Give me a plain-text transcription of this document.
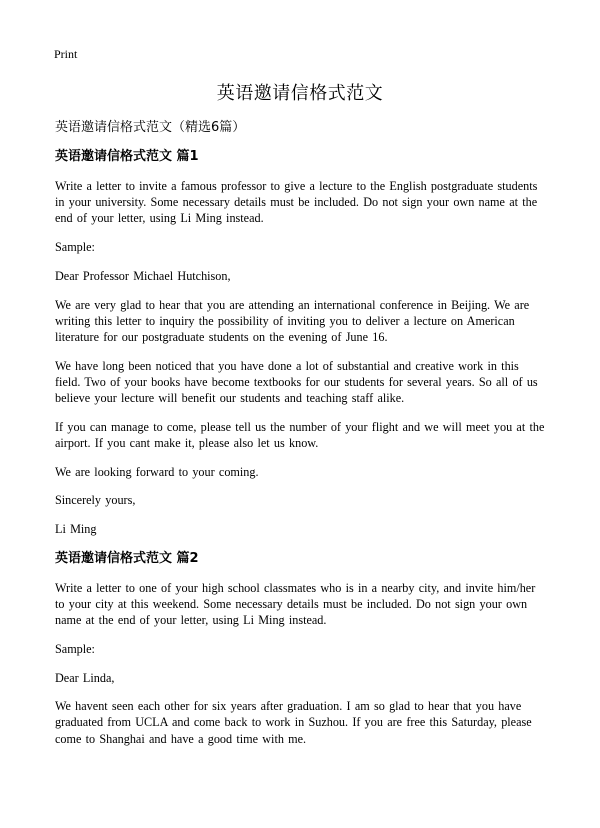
Print
英语邀请信格式范文

英语邀请信格式范文（精选6篇）

英语邀请信格式范文 篇1

Write a letter to invite a famous professor to give a lecture to the English postgraduate students in your university. Some necessary details must be included. Do not sign your own name at the end of your letter, using Li Ming instead.

Sample:

Dear Professor Michael Hutchison,

We are very glad to hear that you are attending an international conference in Beijing. We are writing this letter to inquiry the possibility of inviting you to deliver a lecture on American literature for our postgraduate students on the evening of June 16.

We have long been noticed that you have done a lot of substantial and creative work in this field. Two of your books have become textbooks for our students for several years. So all of us believe your lecture will benefit our students and teaching staff alike.

If you can manage to come, please tell us the number of your flight and we will meet you at the airport. If you cant make it, please also let us know.

We are looking forward to your coming.

Sincerely yours,

Li Ming

英语邀请信格式范文 篇2

Write a letter to one of your high school classmates who is in a nearby city, and invite him/her to your city at this weekend. Some necessary details must be included. Do not sign your own name at the end of your letter, using Li Ming instead.

Sample:

Dear Linda,

We havent seen each other for six years after graduation. I am so glad to hear that you have graduated from UCLA and come back to work in Suzhou. If you are free this Saturday, please come to Shanghai and have a good time with me.
